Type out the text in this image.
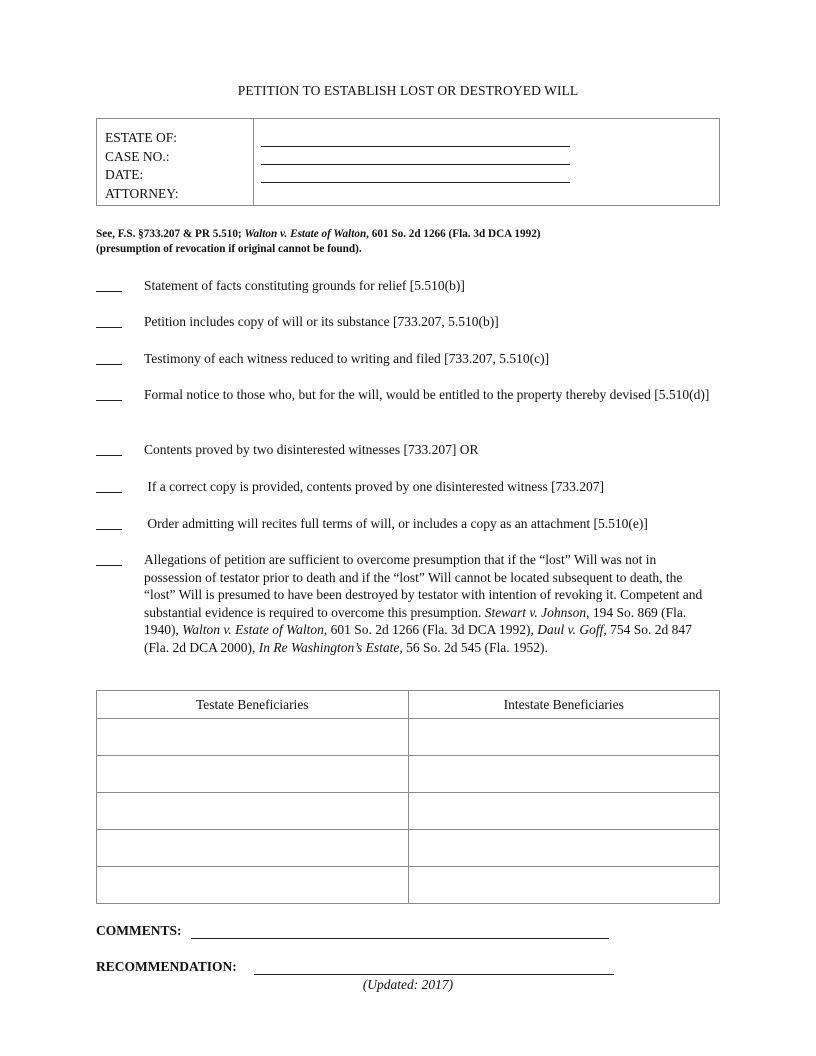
PETITION TO ESTABLISH LOST OR DESTROYED WILL
ESTATE OF:
CASE NO.:
DATE:
ATTORNEY:
See, F.S. §733.207 & PR 5.510; Walton v. Estate of Walton, 601 So. 2d 1266 (Fla. 3d DCA 1992)
(presumption of revocation if original cannot be found).
Statement of facts constituting grounds for relief [5.510(b)]
Petition includes copy of will or its substance [733.207, 5.510(b)]
Testimony of each witness reduced to writing and filed [733.207, 5.510(c)]
Formal notice to those who, but for the will, would be entitled to the property thereby devised [5.510(d)]
Contents proved by two disinterested witnesses [733.207] OR
If a correct copy is provided, contents proved by one disinterested witness [733.207]
Order admitting will recites full terms of will, or includes a copy as an attachment [5.510(e)]
Allegations of petition are sufficient to overcome presumption that if the “lost” Will was not in possession of testator prior to death and if the “lost” Will cannot be located subsequent to death, the “lost” Will is presumed to have been destroyed by testator with intention of revoking it. Competent and substantial evidence is required to overcome this presumption. Stewart v. Johnson, 194 So. 869 (Fla. 1940), Walton v. Estate of Walton, 601 So. 2d 1266 (Fla. 3d DCA 1992), Daul v. Goff, 754 So. 2d 847 (Fla. 2d DCA 2000), In Re Washington’s Estate, 56 So. 2d 545 (Fla. 1952).
Testate Beneficiaries	Intestate Beneficiaries

COMMENTS:
RECOMMENDATION:
(Updated: 2017)
